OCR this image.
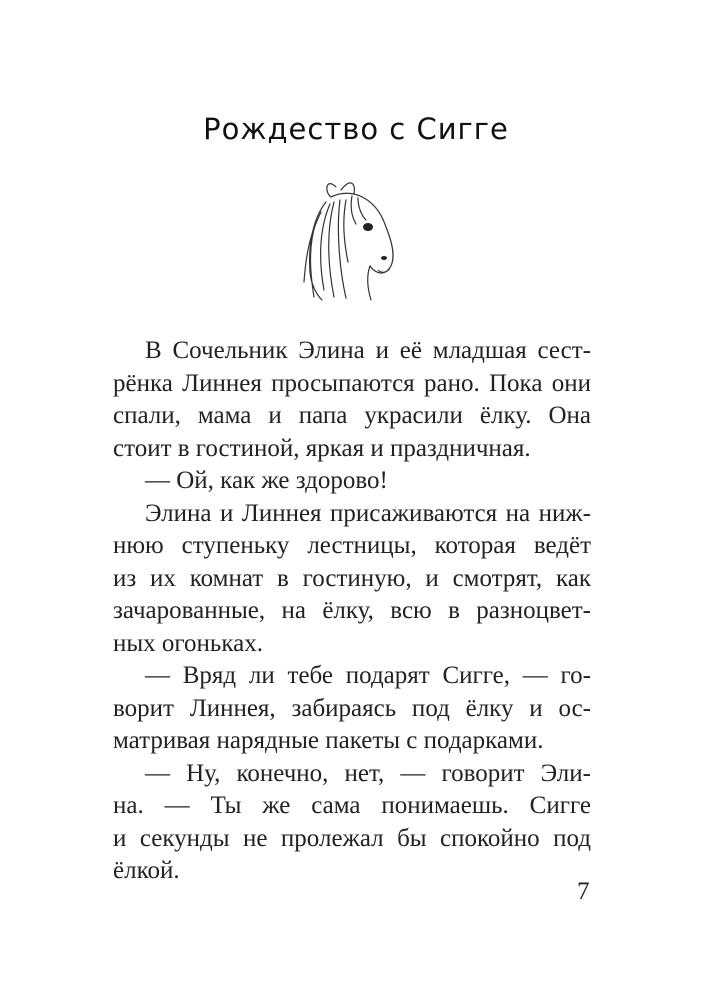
Рождество с Сигге
В Сочельник Элина и её младшая сест-
рёнка Линнея просыпаются рано. Пока они
спали, мама и папа украсили ёлку. Она
стоит в гостиной, яркая и праздничная.
— Ой, как же здорово!
Элина и Линнея присаживаются на ниж-
нюю ступеньку лестницы, которая ведёт
из их комнат в гостиную, и смотрят, как
зачарованные, на ёлку, всю в разноцвет-
ных огоньках.
— Вряд ли тебе подарят Сигге, — го-
ворит Линнея, забираясь под ёлку и ос-
матривая нарядные пакеты с подарками.
— Ну, конечно, нет, — говорит Эли-
на. — Ты же сама понимаешь. Сигге
и секунды не пролежал бы спокойно под
ёлкой.
7
